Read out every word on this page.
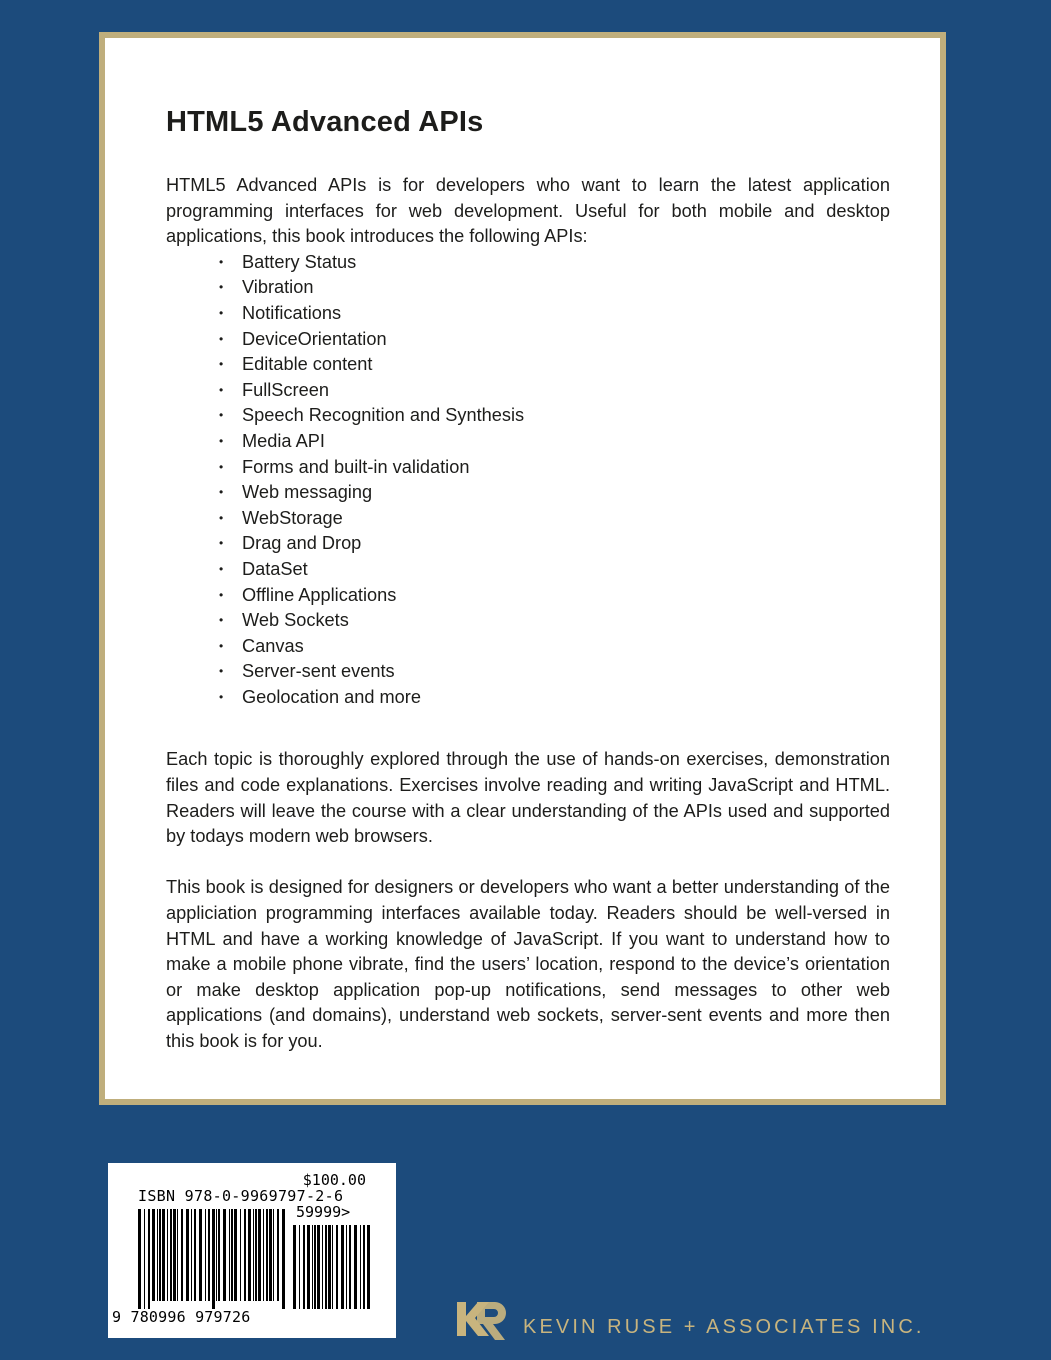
HTML5 Advanced APIs

HTML5 Advanced APIs is for developers who want to learn the latest application programming interfaces for web development. Useful for both mobile and desktop applications, this book introduces the following APIs:

•	Battery Status
•	Vibration
•	Notifications
•	DeviceOrientation
•	Editable content
•	FullScreen
•	Speech Recognition and Synthesis
•	Media API
•	Forms and built-in validation
•	Web messaging
•	WebStorage
•	Drag and Drop
•	DataSet
•	Offline Applications
•	Web Sockets
•	Canvas
•	Server-sent events
•	Geolocation and more

Each topic is thoroughly explored through the use of hands-on exercises, demonstration files and code explanations. Exercises involve reading and writing JavaScript and HTML. Readers will leave the course with a clear understanding of the APIs used and supported by todays modern web browsers.

This book is designed for designers or developers who want a better understanding of the appliciation programming interfaces available today. Readers should be well-versed in HTML and have a working knowledge of JavaScript. If you want to understand how to make a mobile phone vibrate, find the users’ location, respond to the device’s orientation or make desktop application pop-up notifications, send messages to other web applications (and domains), understand web sockets, server-sent events and more then this book is for you.

$100.00
ISBN 978-0-9969797-2-6
59999>
9 780996 979726	KEVIN RUSE + ASSOCIATES INC.
